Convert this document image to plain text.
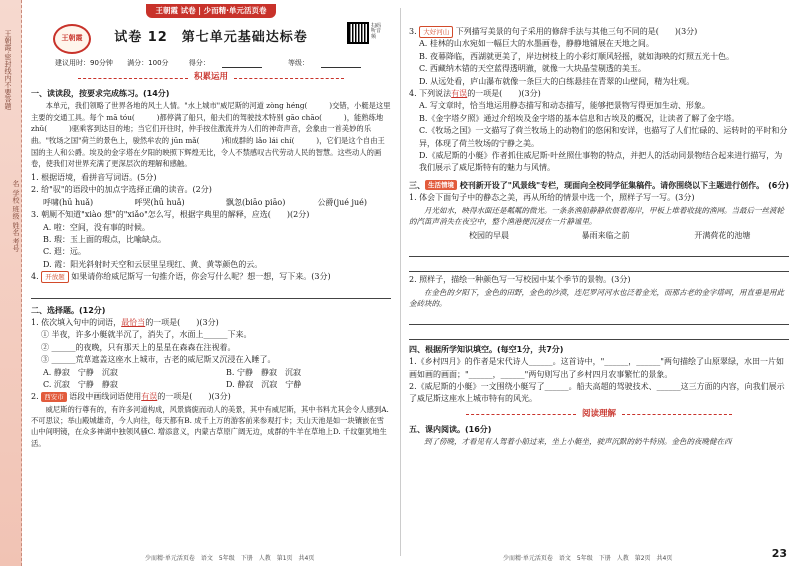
王朝霞·密封线内不要答题
名 学校 班级 姓名 考号
王朝霞 试卷 | 少而精·单元活页卷
王朝霞	试卷 12　第七单元基础达标卷
扫码听音频
建议用时：90分钟 满分：100分	得分：	等级：
积累运用

一、读读段，按要求完成练习。(14分)

本单元，我们领略了世界各地的风土人情。"水上城市"威尼斯的河道 zòng héng(　　　)交错，小艇是这里主要的交通工具。每个 mā tóu(　　　)都停满了船只，船夫们的驾驶技术特别 gāo chāo(　　　)，能熟练地 zhǔ(　　　)驱乘客到达目的地；当它们开往时，仲手按住激流并为人们的神奇声音，会象由一首美妙的乐曲。"牧场之国"荷兰的景色上，骏然牟农的 jūn mǎ(　　　)和成群的 lǎo lái chí(　　　)，它们是这个自由王国的主人和公爵。埃及的金字塔在夕阳的映照下辉煌无比，令人不禁感叹古代劳动人民的智慧。这些动人的画卷，使我们对世界充满了更深层次的理解和感触。

1. 根据语境，看拼音写词语。(5分)

2. 给"驭"的语段中的加点字选择正确的读音。(2分)

呼啸(hū huǎ)	呼哭(hū huǎ)	飘忽(biāo piāo)	公爵(jué jué)

3. 朝厕不知道"xiào 想"的"xiǎo"怎么写，根据字典里的解释，应选(　　)(2分)

A. 啦：空间，没有事的时候。

B. 瑕：玉上面的瑕点，比喻缺点。

C. 遐：远。

D. 霞：阳光斜射时天空和云层里呈现红、黄、黄等颜色的云。

4. 开放题 如果请你给威尼斯写一句推介语，你会写什么呢？想一想，写下来。(3分)

二、选择题。(12分)

1. 依次填入句中的词语，最恰当的一项是(　　)(3分)

① 半夜，许多小艇就半沉了，消失了，水面上______下来。

② ______的夜晚，只有那天上的星星在森森在注视着。

③ ______荒草遮盖这座水上城市，古老的威尼斯又沉浸在入睡了。

A. 静寂　宁静　沉寂	B. 宁静　静寂　沉寂
C. 沉寂　宁静　静寂	D. 静寂　沉寂　宁静

2. 西安市 语段中画线词语使用有误的一项是(　　)(3分)

威尼斯的行尊有的，有许多河道构成，风景旖旎而动人的美景，其中有威尼斯，其中书料尤其会令人感到A. 不可思议；举山殿城雄奇，今人向往，每天都有B. 成千上万的游客前来参观打卡；天山天池是如一块镶嵌在雪山中间明镜，在众多神湖中独领风骚C. 增添意义，内蒙古草原广阔无边，成群的牛羊在草地上D. 千纹躯犹地生活。

少而精·单元活页卷　语文　5年级　下册　人教　第1页　共4页

3. 大好河山 下列描写美景的句子采用的修辞手法与其他三句不同的是(　　)(3分)

A. 桂林的山水宛如一幅巨大的水墨画卷，静静地铺展在天地之间。

B. 夜幕降临，西湖就更美了，岸边树枝上的小彩灯顺风轻摇，就如海映的灯照五光十色。

C. 西藏纳木错的天空蓝得透明澈，就像一大块晶莹剔透的美玉。

D. 从远处看，庐山瀑布就像一条巨大的白练悬挂在青翠的山壁间，精为壮观。

4. 下列说法有误的一项是(　　)(3分)

A. 写文章时，恰当地运用静态描写和动态描写，能够把景物写得更加生动、形象。

B.《金字塔夕照》通过介绍埃及金字塔的基本信息和古埃及的概况，让读者了解了金字塔。

C.《牧场之国》一文描写了荷兰牧场上的动物们的悠闲和安详，也描写了人们忙碌的、运转时的平时和分异，体现了荷兰牧场的宁静之美。

D.《威尼斯的小艇》作者抓住威尼斯·叶丝照仕事物的特点，并把人的活动同景物结合起来进行描写，为我们展示了威尼斯特有的魅力与风情。

三、 生活情境 校刊新开设了"风景线"专栏，现面向全校同学征集稿件。请你围绕以下主题进行创作。 (6分)

1. 体会下面句子中的静态之美，再从所给的情景中选一个，照样子写一写。(3分)

月光如水，映得水面还是粼粼的微光。一条条渔船静静依偎着海岸，甲板上堆着收拢的渔网。当最后一丝渡轮的汽笛声消失在夜空中，整个渔港便沉浸在一片静谧里。

校园的早晨	暴雨来临之前	开满荷花的池塘

2. 照样子，描绘一种颜色写一写校园中某个季节的景物。(3分)

在金色的夕阳下，金色的田野，金色的沙漠，连尼罗河河水也泛着金光，而那古老的金字塔呵，用直垂是用此金砖块的。

四、根据所学知识填空。(每空1分，共7分)

1.《乡村四月》的作者是宋代诗人______。这首诗中，"______，______"两句描绘了山原翠绿，水田一片如画如画的画面；"______，______"两句则写出了乡村四月农事繁忙的景象。

2.《威尼斯的小艇》一文围绕小艇写了______。船夫高超的驾驶技术、______这三方面的内容，向我们展示了威尼斯这座水上城市特有的风光。

阅读理解

五、课内阅读。(16分)

到了傍晚，才看见有人驾着小船过来，坐上小艇坐，驶声沉默的奶牛特別。金色的夜晚健在西

少而精·单元活页卷　语文　5年级　下册　人教　第2页　共4页	23
